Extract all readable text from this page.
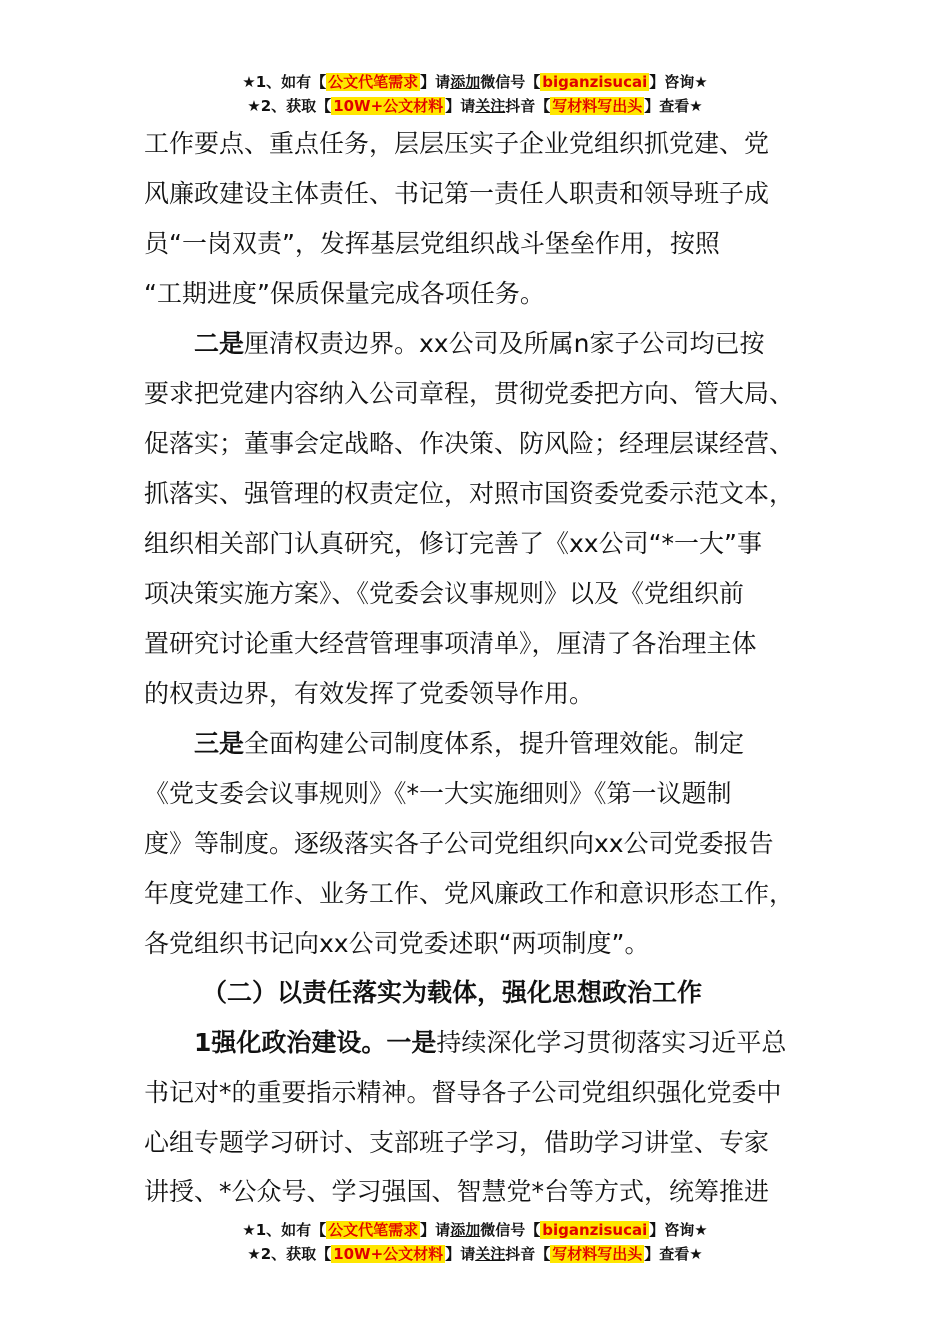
★1、如有【 公文代笔需求 】请添加微信号【 biganzisucai 】咨询★
★2、获取【 10W+公文材料 】请关注抖音【 写材料写出头 】查看★
工作要点、重点任务，层层压实子企业党组织抓党建、党
风廉政建设主体责任、书记第一责任人职责和领导班子成
员“一岗双责”，发挥基层党组织战斗堡垒作用，按照
“工期进度”保质保量完成各项任务。
二是厘清权责边界。xx公司及所属n家子公司均已按
要求把党建内容纳入公司章程，贯彻党委把方向、管大局、
促落实；董事会定战略、作决策、防风险；经理层谋经营、
抓落实、强管理的权责定位，对照市国资委党委示范文本，
组织相关部门认真研究，修订完善了《xx公司“*一大”事
项决策实施方案》、《党委会议事规则》以及《党组织前
置研究讨论重大经营管理事项清单》，厘清了各治理主体
的权责边界，有效发挥了党委领导作用。
三是全面构建公司制度体系，提升管理效能。制定
《党支委会议事规则》《*一大实施细则》《第一议题制
度》等制度。逐级落实各子公司党组织向xx公司党委报告
年度党建工作、业务工作、党风廉政工作和意识形态工作，
各党组织书记向xx公司党委述职“两项制度”。
（二）以责任落实为载体，强化思想政治工作
1强化政治建设。一是持续深化学习贯彻落实习近平总
书记对*的重要指示精神。督导各子公司党组织强化党委中
心组专题学习研讨、支部班子学习，借助学习讲堂、专家
讲授、*公众号、学习强国、智慧党*台等方式，统筹推进
★1、如有【 公文代笔需求 】请添加微信号【 biganzisucai 】咨询★
★2、获取【 10W+公文材料 】请关注抖音【 写材料写出头 】查看★
